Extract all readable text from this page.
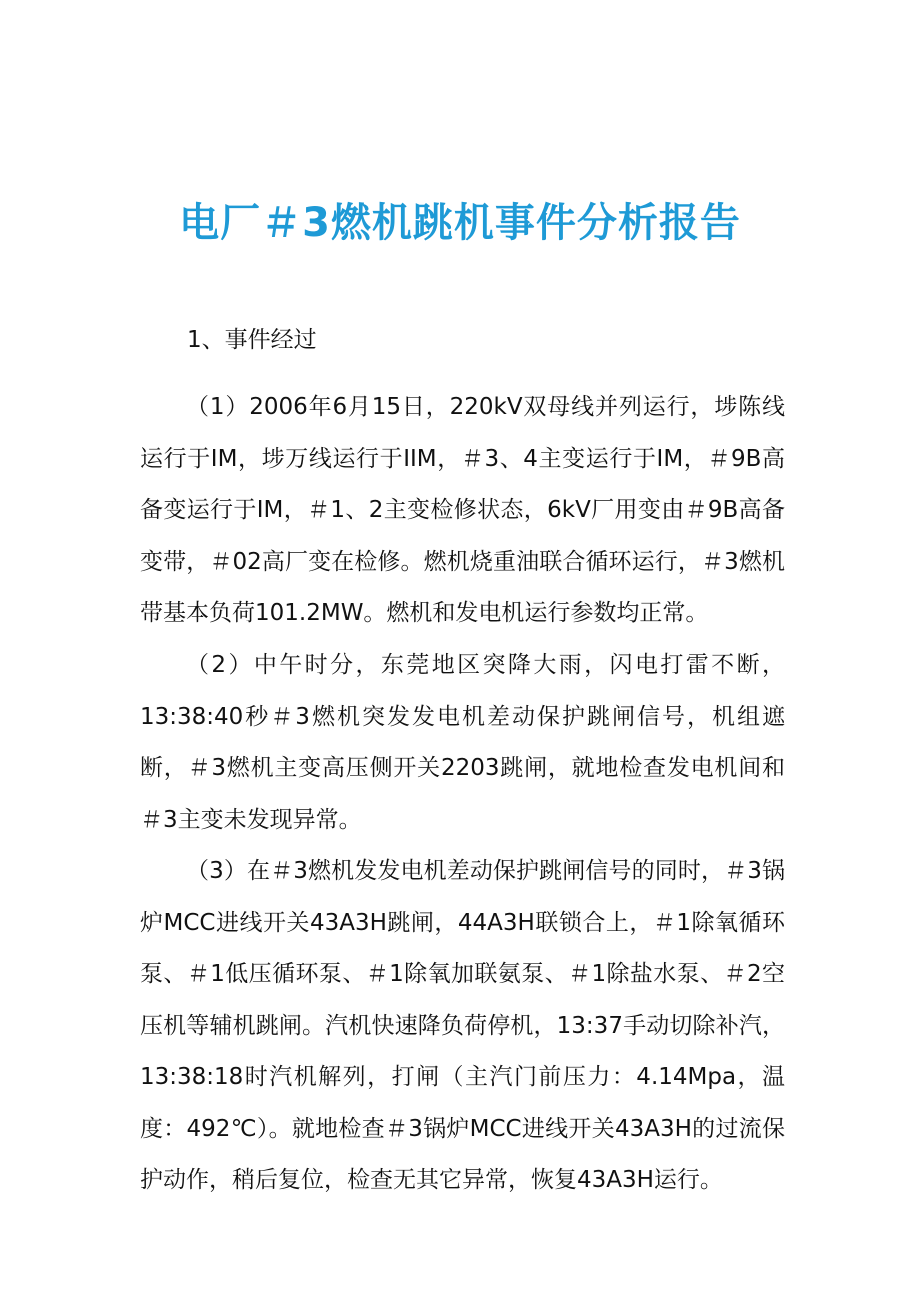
电厂＃3燃机跳机事件分析报告

1、事件经过

（1）2006年6月15日，220kV双母线并列运行，埗陈线运行于IM，埗万线运行于IIM，＃3、4主变运行于IM，＃9B高备变运行于IM，＃1、2主变检修状态，6kV厂用变由＃9B高备变带，＃02高厂变在检修。燃机烧重油联合循环运行，＃3燃机带基本负荷101.2MW。燃机和发电机运行参数均正常。

（2）中午时分，东莞地区突降大雨，闪电打雷不断，13:38:40秒＃3燃机突发发电机差动保护跳闸信号，机组遮断，＃3燃机主变高压侧开关2203跳闸，就地检查发电机间和＃3主变未发现异常。

（3）在＃3燃机发发电机差动保护跳闸信号的同时，＃3锅炉MCC进线开关43A3H跳闸，44A3H联锁合上，＃1除氧循环泵、＃1低压循环泵、＃1除氧加联氨泵、＃1除盐水泵、＃2空压机等辅机跳闸。汽机快速降负荷停机，13:37手动切除补汽，13:38:18时汽机解列，打闸（主汽门前压力：4.14Mpa，温度：492℃）。就地检查＃3锅炉MCC进线开关43A3H的过流保护动作，稍后复位，检查无其它异常，恢复43A3H运行。
